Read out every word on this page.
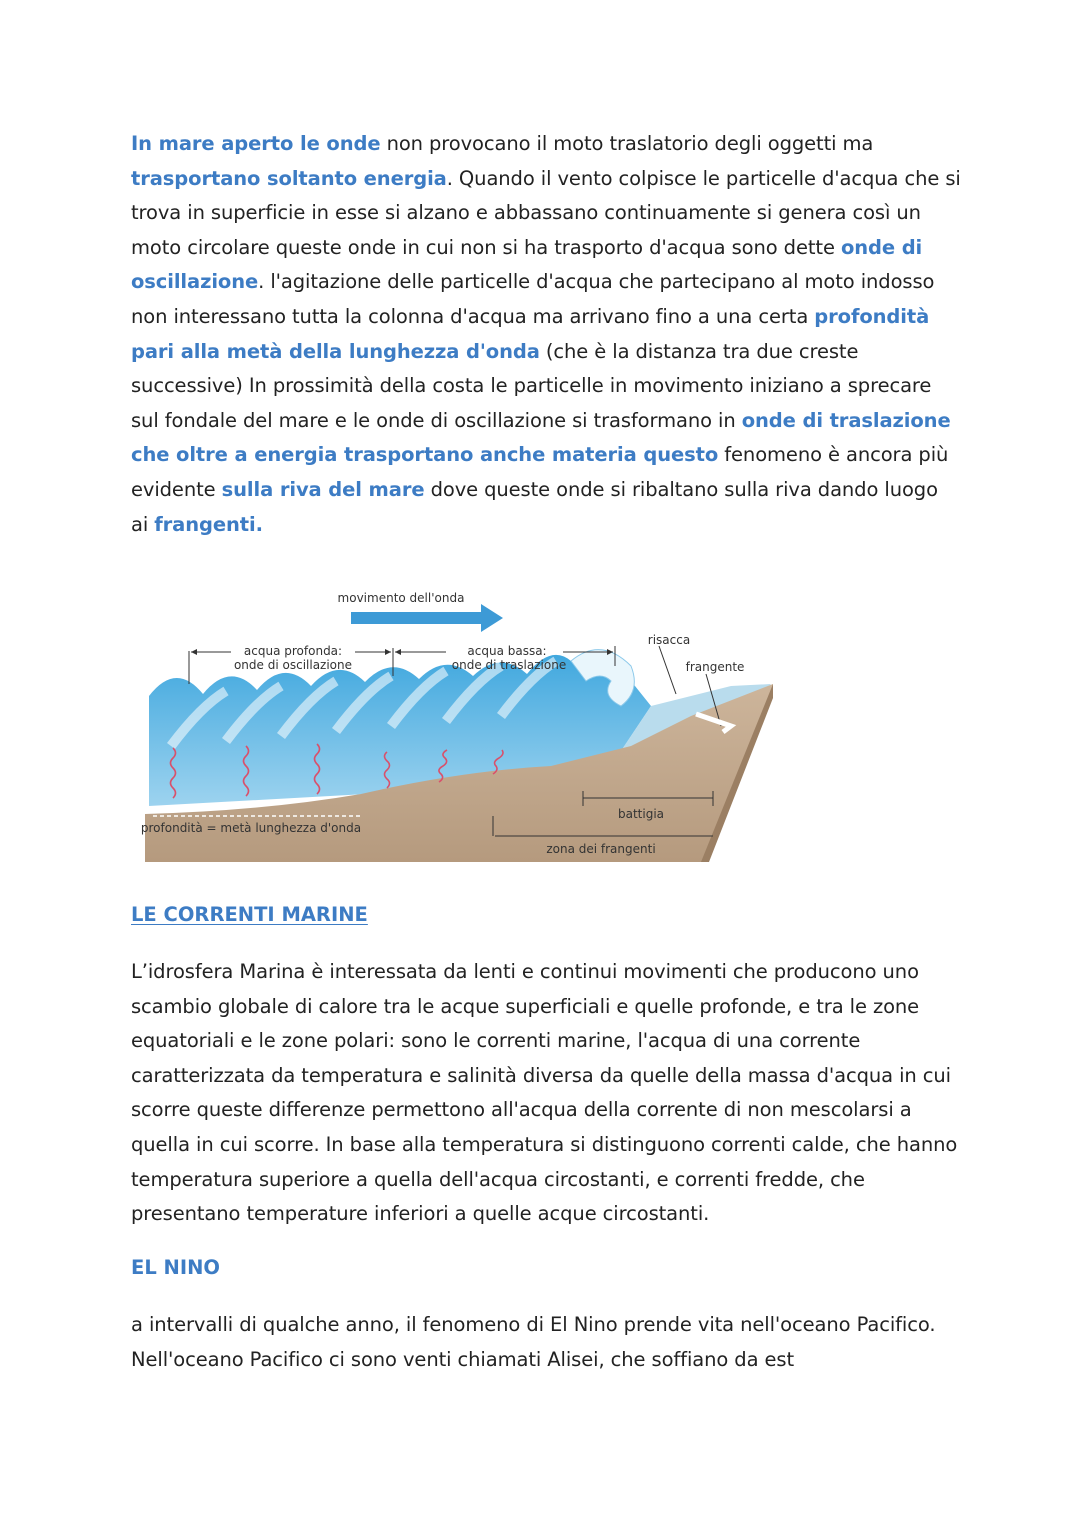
In mare aperto le onde non provocano il moto traslatorio degli oggetti ma trasportano soltanto energia. Quando il vento colpisce le particelle d'acqua che si trova in superficie in esse si alzano e abbassano continuamente si genera così un moto circolare queste onde in cui non si ha trasporto d'acqua sono dette onde di oscillazione. l'agitazione delle particelle d'acqua che partecipano al moto indosso non interessano tutta la colonna d'acqua ma arrivano fino a una certa profondità pari alla metà della lunghezza d'onda (che è la distanza tra due creste successive) In prossimità della costa le particelle in movimento iniziano a sprecare sul fondale del mare e le onde di oscillazione si trasformano in onde di traslazione che oltre a energia trasportano anche materia questo fenomeno è ancora più evidente sulla riva del mare dove queste onde si ribaltano sulla riva dando luogo ai frangenti.

movimento dell'onda
acqua profonda:
onde di oscillazione
acqua bassa:
onde di traslazione
risacca
frangente
profondità = metà lunghezza d'onda
battigia
zona dei frangenti
LE CORRENTI MARINE

L’idrosfera Marina è interessata da lenti e continui movimenti che producono uno scambio globale di calore tra le acque superficiali e quelle profonde, e tra le zone equatoriali e le zone polari: sono le correnti marine, l'acqua di una corrente caratterizzata da temperatura e salinità diversa da quelle della massa d'acqua in cui scorre queste differenze permettono all'acqua della corrente di non mescolarsi a quella in cui scorre. In base alla temperatura si distinguono correnti calde, che hanno temperatura superiore a quella dell'acqua circostanti, e correnti fredde, che presentano temperature inferiori a quelle acque circostanti.

EL NINO

a intervalli di qualche anno, il fenomeno di El Nino prende vita nell'oceano Pacifico. Nell'oceano Pacifico ci sono venti chiamati Alisei, che soffiano da est
